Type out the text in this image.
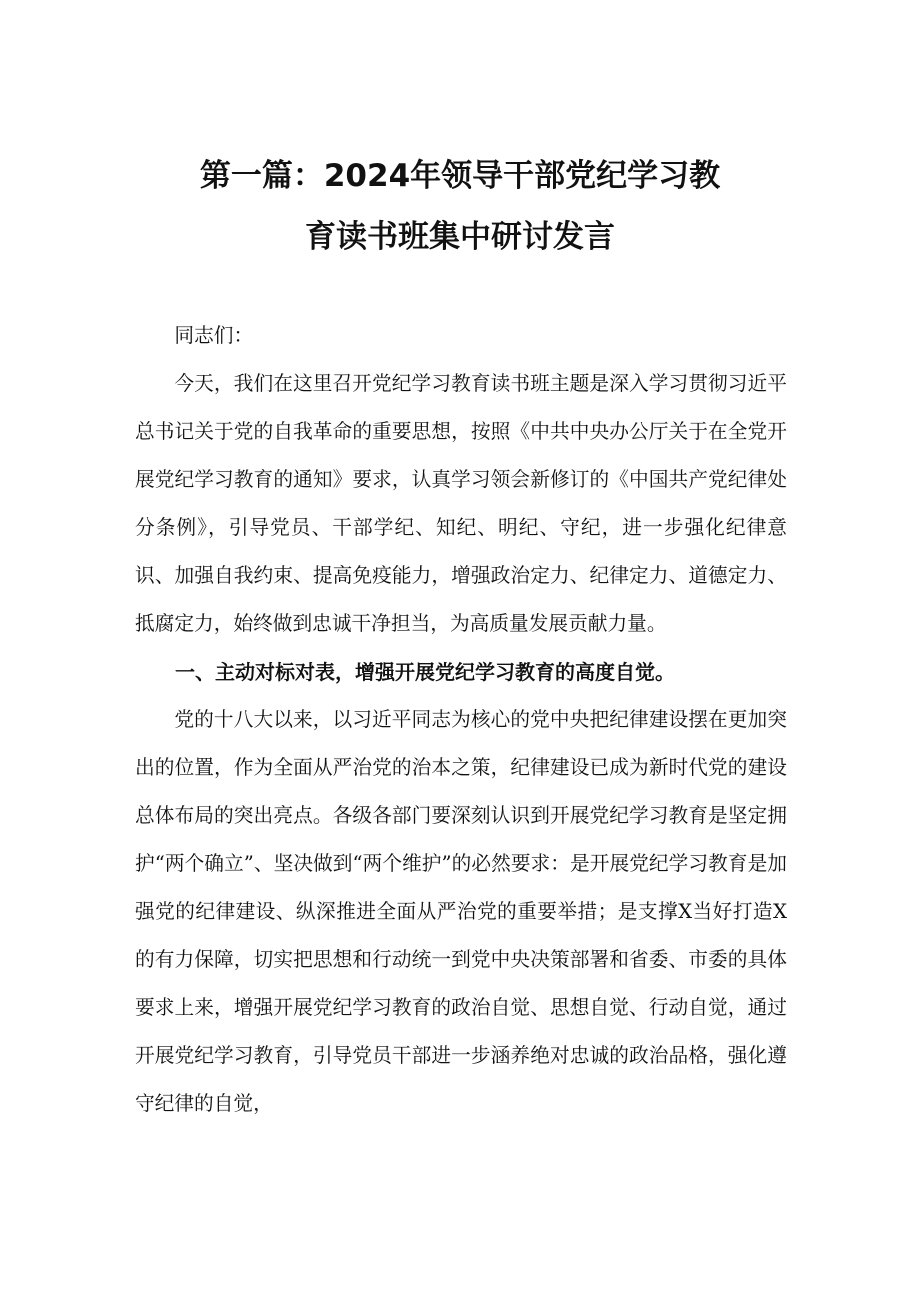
第一篇：2024年领导干部党纪学习教
育读书班集中研讨发言

同志们：

今天，我们在这里召开党纪学习教育读书班主题是深入学习贯彻习近平总书记关于党的自我革命的重要思想，按照《中共中央办公厅关于在全党开展党纪学习教育的通知》要求，认真学习领会新修订的《中国共产党纪律处分条例》，引导党员、干部学纪、知纪、明纪、守纪，进一步强化纪律意识、加强自我约束、提高免疫能力，增强政治定力、纪律定力、道德定力、抵腐定力，始终做到忠诚干净担当，为高质量发展贡献力量。

一、主动对标对表，增强开展党纪学习教育的高度自觉。

党的十八大以来，以习近平同志为核心的党中央把纪律建设摆在更加突出的位置，作为全面从严治党的治本之策，纪律建设已成为新时代党的建设总体布局的突出亮点。各级各部门要深刻认识到开展党纪学习教育是坚定拥护“两个确立”、坚决做到“两个维护”的必然要求：是开展党纪学习教育是加强党的纪律建设、纵深推进全面从严治党的重要举措；是支撑X当好打造X的有力保障，切实把思想和行动统一到党中央决策部署和省委、市委的具体要求上来，增强开展党纪学习教育的政治自觉、思想自觉、行动自觉，通过开展党纪学习教育，引导党员干部进一步涵养绝对忠诚的政治品格，强化遵守纪律的自觉，
